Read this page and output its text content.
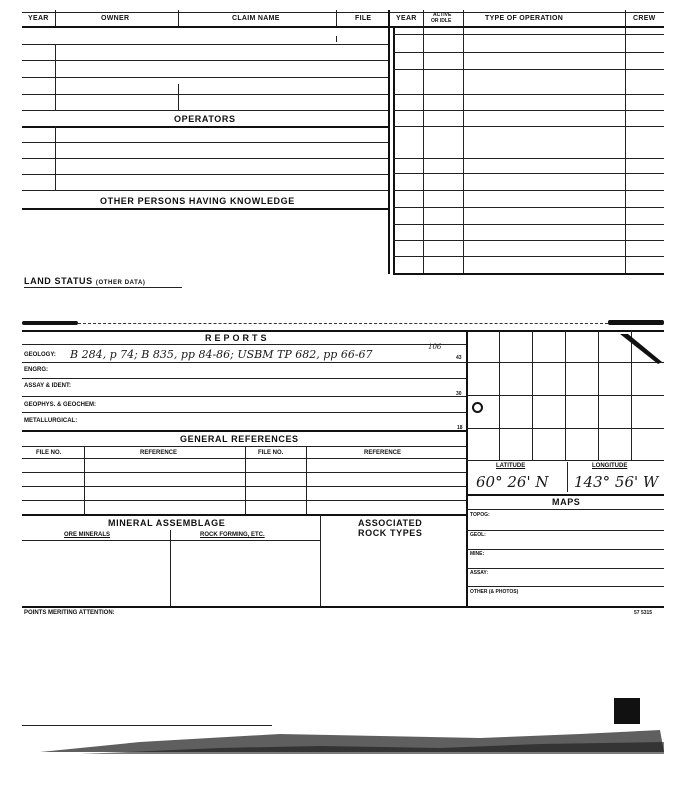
YEAR	OWNER	CLAIM NAME	FILE	YEAR	ACTIVE
OR IDLE	TYPE OF OPERATION	CREW
OPERATORS
OTHER PERSONS HAVING KNOWLEDGE
LAND STATUS (OTHER DATA)
REPORTS
GEOLOGY: B 284, p 74; B 835, pp 84-86; USBM TP 682, pp 66-67
106
43
ENGRG:
ASSAY & IDENT:
30
GEOPHYS. & GEOCHEM:
METALLURGICAL:
18
GENERAL REFERENCES
FILE NO.	REFERENCE	FILE NO.	REFERENCE
MINERAL ASSEMBLAGE
ORE MINERALS	ROCK FORMING, ETC.
ASSOCIATED
ROCK TYPES
LATITUDE	LONGITUDE
60° 26' N 143° 56' W
MAPS
TOPOG:
GEOL:
MINE:
ASSAY:
OTHER (& PHOTOS)
POINTS MERITING ATTENTION:	57 5315
